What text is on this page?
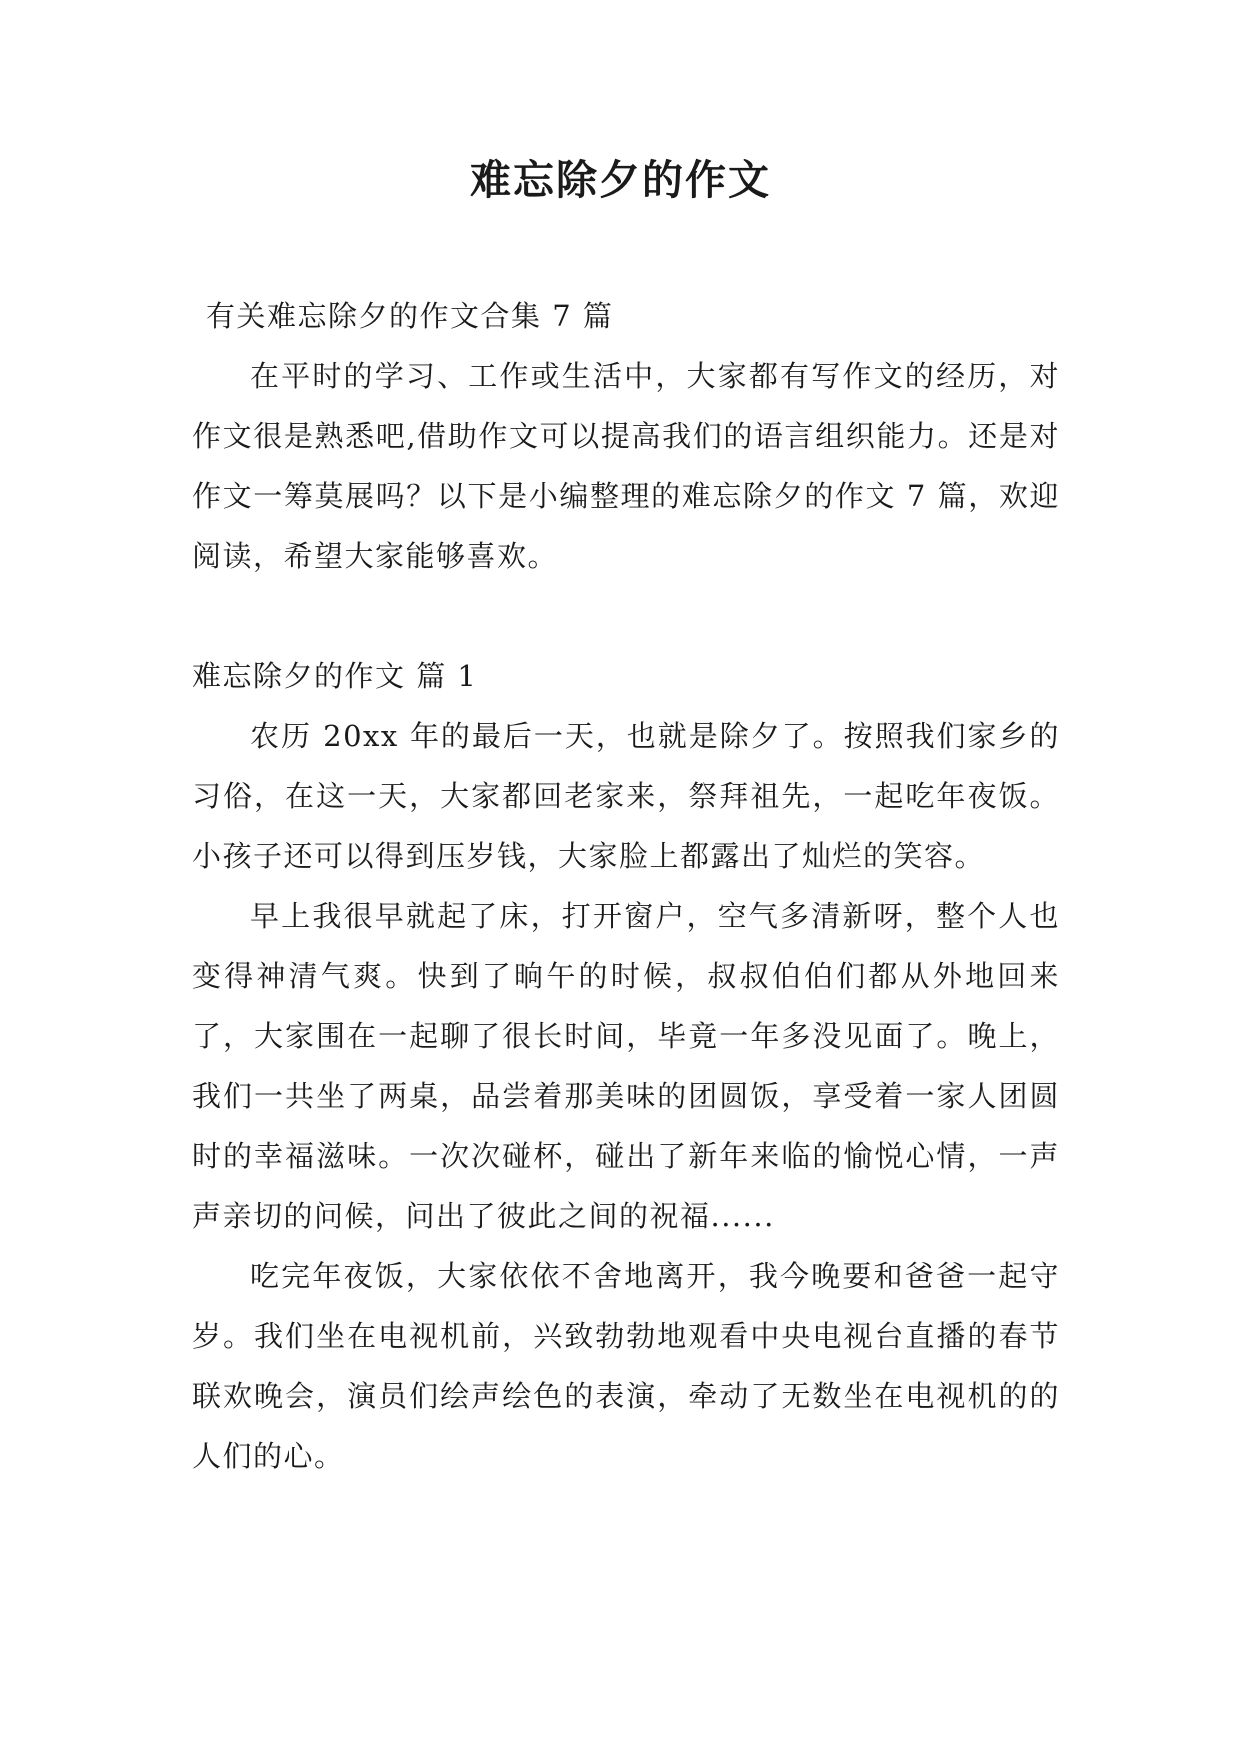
难忘除夕的作文

有关难忘除夕的作文合集 7 篇

在平时的学习、工作或生活中，大家都有写作文的经历，对作文很是熟悉吧,借助作文可以提高我们的语言组织能力。还是对作文一筹莫展吗？以下是小编整理的难忘除夕的作文 7 篇，欢迎阅读，希望大家能够喜欢。

难忘除夕的作文 篇 1

农历 20xx 年的最后一天，也就是除夕了。按照我们家乡的习俗，在这一天，大家都回老家来，祭拜祖先，一起吃年夜饭。小孩子还可以得到压岁钱，大家脸上都露出了灿烂的笑容。

早上我很早就起了床，打开窗户，空气多清新呀，整个人也变得神清气爽。快到了晌午的时候，叔叔伯伯们都从外地回来了，大家围在一起聊了很长时间，毕竟一年多没见面了。晚上，我们一共坐了两桌，品尝着那美味的团圆饭，享受着一家人团圆时的幸福滋味。一次次碰杯，碰出了新年来临的愉悦心情，一声声亲切的问候，问出了彼此之间的祝福......

吃完年夜饭，大家依依不舍地离开，我今晚要和爸爸一起守岁。我们坐在电视机前，兴致勃勃地观看中央电视台直播的春节联欢晚会，演员们绘声绘色的表演，牵动了无数坐在电视机的的人们的心。
